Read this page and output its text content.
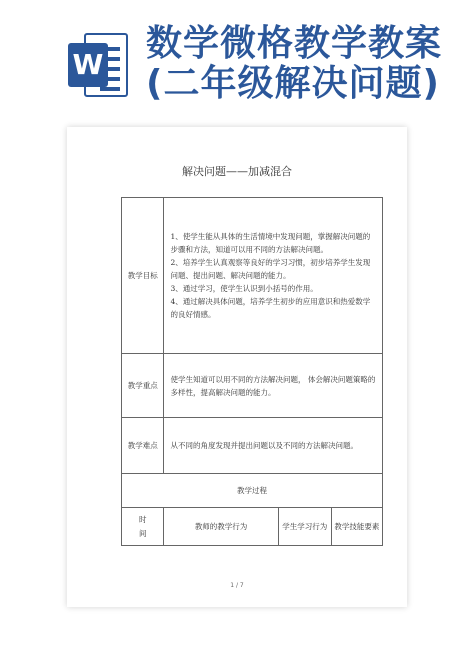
W
数学微格教学教案
(二年级解决问题)
解决问题——加减混合
教学目标	1、使学生能从具体的生活情境中发现问题，掌握解决问题的步骤和方法，知道可以用不同的方法解决问题。
2、培养学生认真观察等良好的学习习惯，初步培养学生发现问题、提出问题、解决问题的能力。
3、通过学习，使学生认识到小括号的作用。
4、通过解决具体问题，培养学生初步的应用意识和热爱数学的良好情感。		

教学重点	使学生知道可以用不同的方法解决问题， 体会解决问题策略的多样性，提高解决问题的能力。		
教学难点	从不同的角度发现并提出问题以及不同的方法解决问题。		
教学过程			
时间	教师的教学行为	学生学习行为	教学技能要素
1 / 7
